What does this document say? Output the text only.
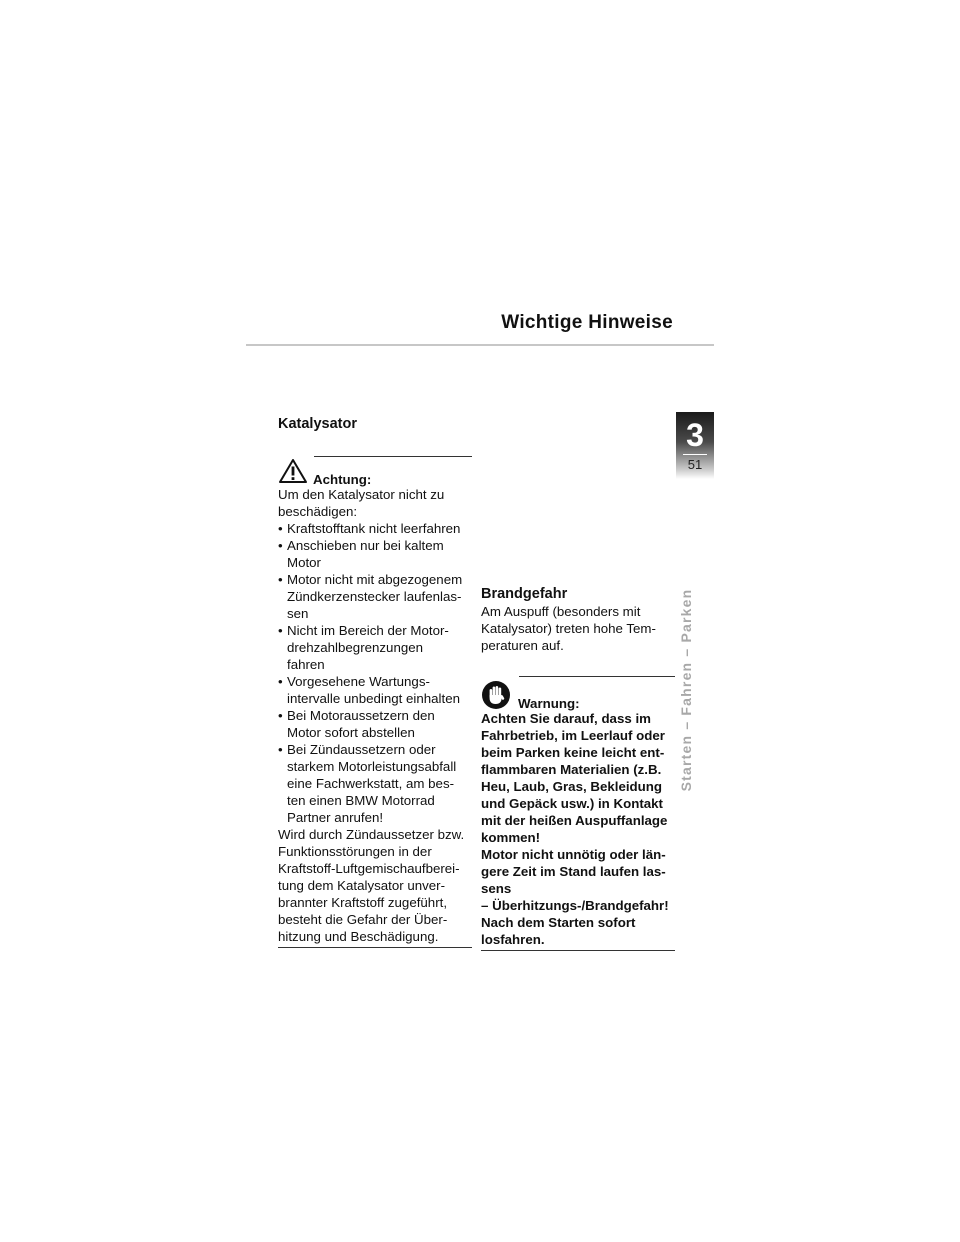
Wichtige Hinweise
3
51
Starten – Fahren – Parken

Katalysator

Achtung:

Um den Katalysator nicht zu

beschädigen:

• Kraftstofftank nicht leerfahren
• Anschieben nur bei kaltem
Motor
• Motor nicht mit abgezogenem
Zündkerzenstecker laufenlas-
sen
• Nicht im Bereich der Motor-
drehzahlbegrenzungen
fahren
• Vorgesehene Wartungs-
intervalle unbedingt einhalten
• Bei Motoraussetzern den
Motor sofort abstellen
• Bei Zündaussetzern oder
starkem Motorleistungsabfall
eine Fachwerkstatt, am bes-
ten einen BMW Motorrad
Partner anrufen!

Wird durch Zündaussetzer bzw.

Funktionsstörungen in der

Kraftstoff-Luftgemischaufberei-

tung dem Katalysator unver-

brannter Kraftstoff zugeführt,

besteht die Gefahr der Über-

hitzung und Beschädigung.

Brandgefahr

Am Auspuff (besonders mit

Katalysator) treten hohe Tem-

peraturen auf.

Warnung:

Achten Sie darauf, dass im

Fahrbetrieb, im Leerlauf oder

beim Parken keine leicht ent-

flammbaren Materialien (z.B.

Heu, Laub, Gras, Bekleidung

und Gepäck usw.) in Kontakt

mit der heißen Auspuffanlage

kommen!

Motor nicht unnötig oder län-

gere Zeit im Stand laufen las-

sens

– Überhitzungs-/Brandgefahr!

Nach dem Starten sofort

losfahren.
